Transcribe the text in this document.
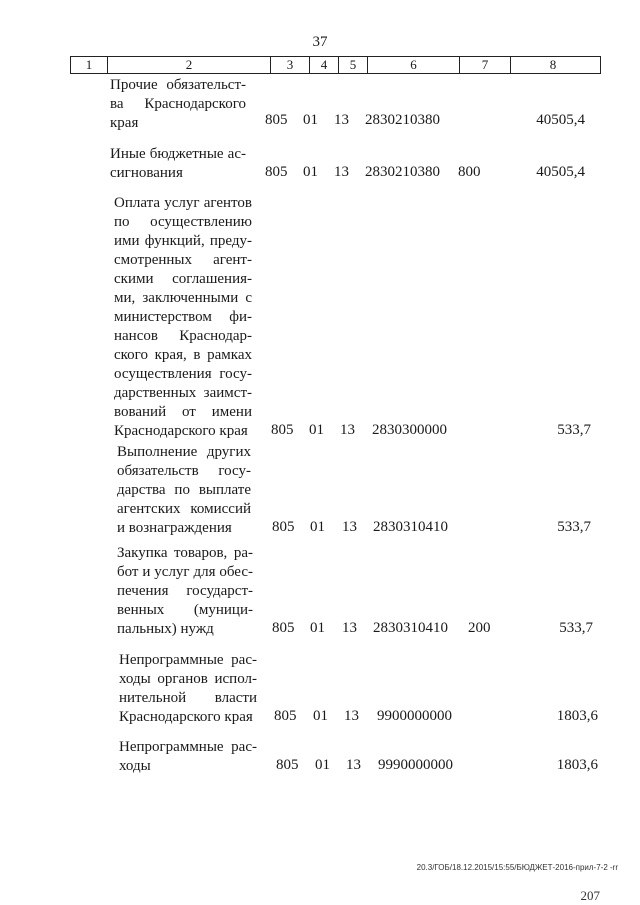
37
1	2	3	4	5	6	7	8
Прочие обязательст-
ва Краснодарского
края	805 01 13 2830210380	40505,4
Иные бюджетные ас-
сигнования	805 01 13 2830210380 800	40505,4
Оплата услуг агентов
по осуществлению
ими функций, преду-
смотренных агент-
скими соглашения-
ми, заключенными с
министерством фи-
нансов Краснодар-
ского края, в рамках
осуществления госу-
дарственных заимст-
вований от имени
Краснодарского края 805 01 13 2830300000	533,7
Выполнение других
обязательств госу-
дарства по выплате
агентских комиссий
и вознаграждения	805 01 13 2830310410	533,7
Закупка товаров, ра-
бот и услуг для обес-
печения государст-
венных (муници-
пальных) нужд	805 01 13 2830310410 200	533,7
Непрограммные рас-
ходы органов испол-
нительной власти
Краснодарского края 805 01 13 9900000000	1803,6
Непрограммные рас-
ходы	805 01 13 9990000000	1803,6
20.3/ГОБ/18.12.2015/15:55/БЮДЖЕТ-2016-прил-7-2 -rr
207
